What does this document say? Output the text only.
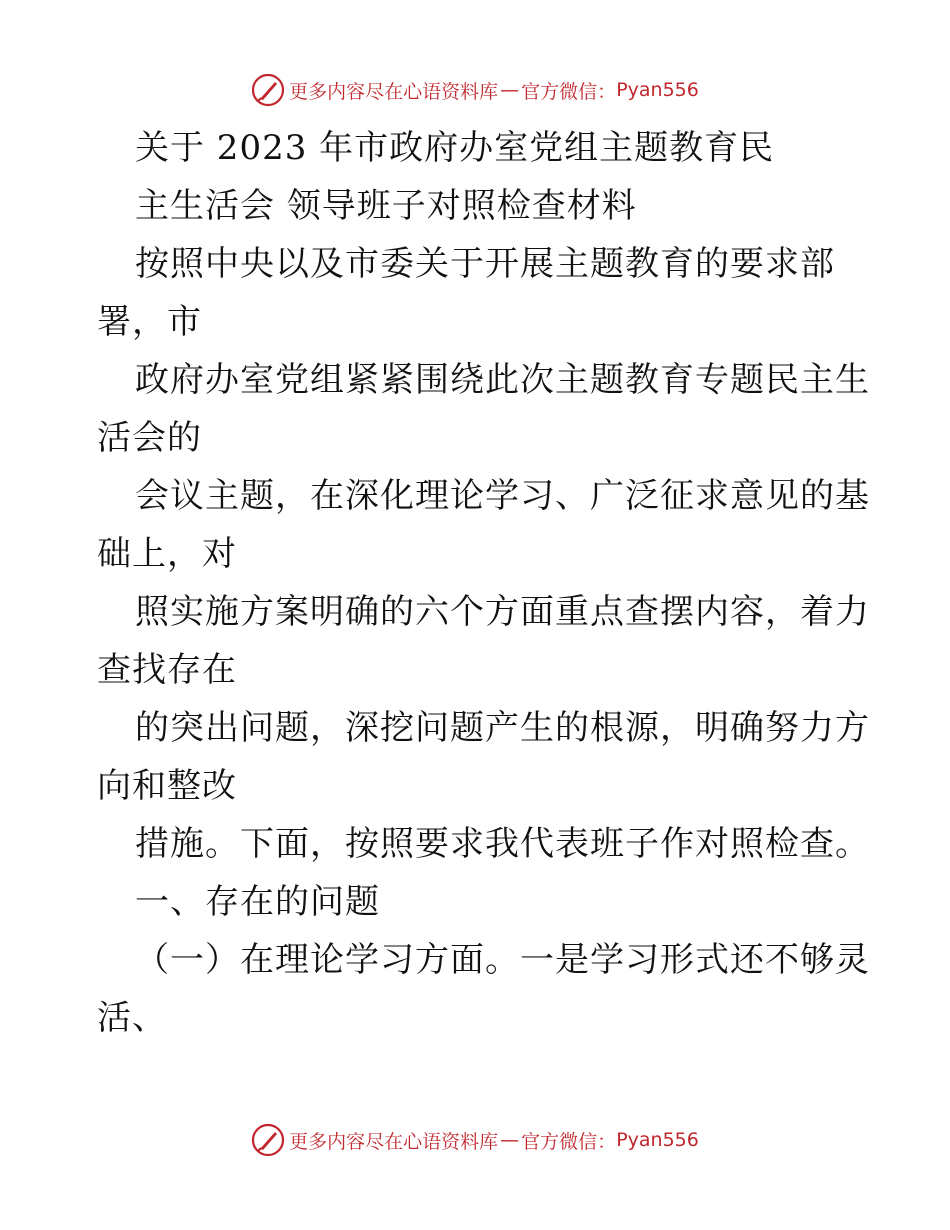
更多内容尽在心语资料库 — 官方微信： Pyan556
关于 2023 年市政府办室党组主题教育民
主生活会 领导班子对照检查材料
按照中央以及市委关于开展主题教育的要求部
署，市
政府办室党组紧紧围绕此次主题教育专题民主生
活会的
会议主题，在深化理论学习、广泛征求意见的基
础上，对
照实施方案明确的六个方面重点查摆内容，着力
查找存在
的突出问题，深挖问题产生的根源，明确努力方
向和整改
措施。下面，按照要求我代表班子作对照检查。
一、存在的问题
（一）在理论学习方面。一是学习形式还不够灵
活、
更多内容尽在心语资料库 — 官方微信： Pyan556
